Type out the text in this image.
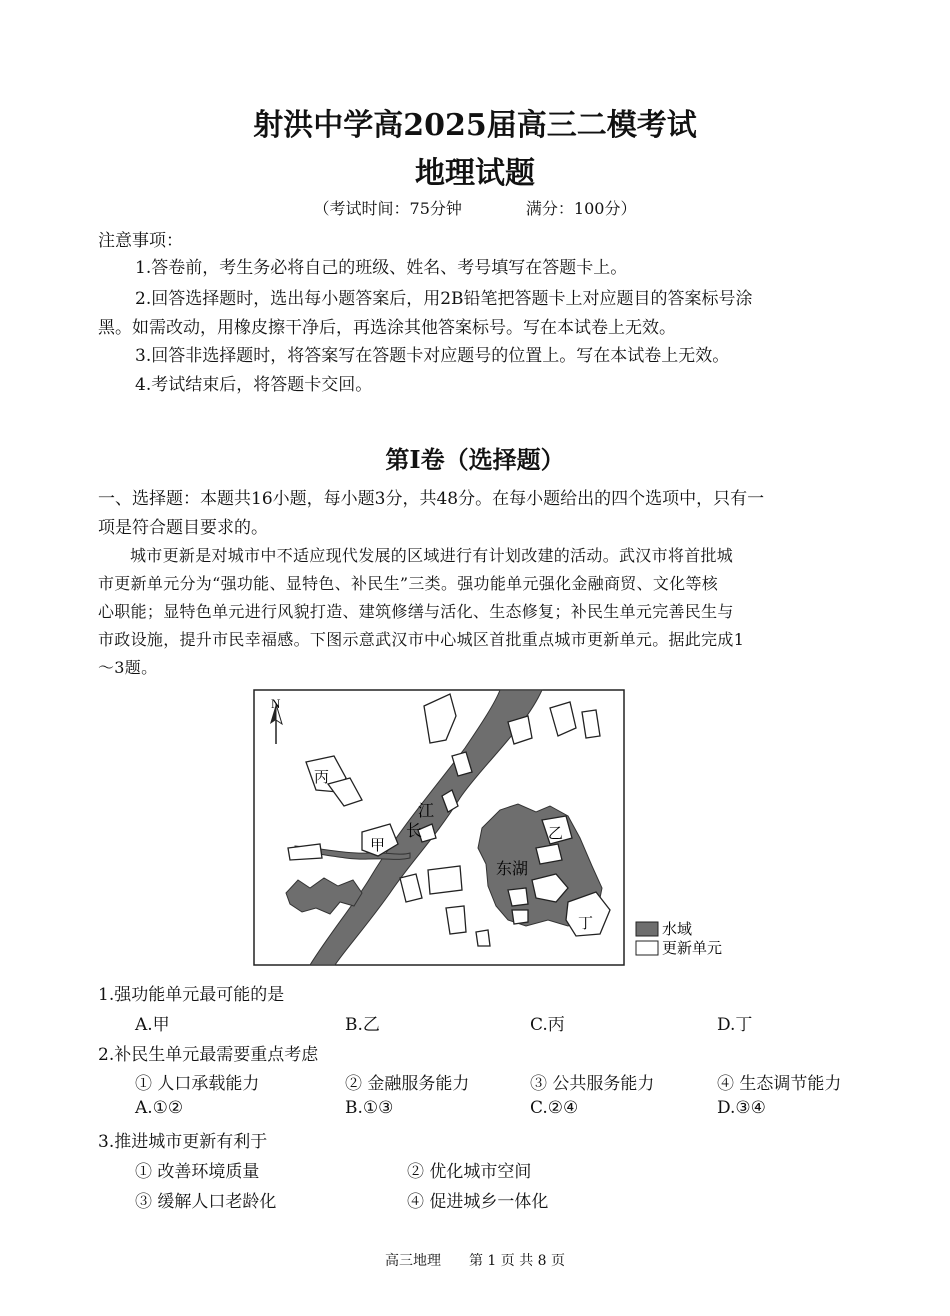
射洪中学高2025届高三二模考试
地理试题
（考试时间：75分钟　　　　满分：100分）
注意事项：
1.答卷前，考生务必将自己的班级、姓名、考号填写在答题卡上。
2.回答选择题时，选出每小题答案后，用2B铅笔把答题卡上对应题目的答案标号涂
黑。如需改动，用橡皮擦干净后，再选涂其他答案标号。写在本试卷上无效。
3.回答非选择题时，将答案写在答题卡对应题号的位置上。写在本试卷上无效。
4.考试结束后，将答题卡交回。
第I卷（选择题）
一、选择题：本题共16小题，每小题3分，共48分。在每小题给出的四个选项中，只有一
项是符合题目要求的。
城市更新是对城市中不适应现代发展的区域进行有计划改建的活动。武汉市将首批城
市更新单元分为“强功能、显特色、补民生”三类。强功能单元强化金融商贸、文化等核
心职能；显特色单元进行风貌打造、建筑修缮与活化、生态修复；补民生单元完善民生与
市政设施，提升市民幸福感。下图示意武汉市中心城区首批重点城市更新单元。据此完成1
～3题。
N
江
长
东湖
甲
乙
丙
丁	水域
更新单元
1.强功能单元最可能的是
A.甲	B.乙	C.丙	D.丁
2.补民生单元最需要重点考虑
① 人口承载能力	② 金融服务能力	③ 公共服务能力	④ 生态调节能力
A.①②	B.①③	C.②④	D.③④
3.推进城市更新有利于
① 改善环境质量	② 优化城市空间
③ 缓解人口老龄化	④ 促进城乡一体化
高三地理　　第 1 页 共 8 页
